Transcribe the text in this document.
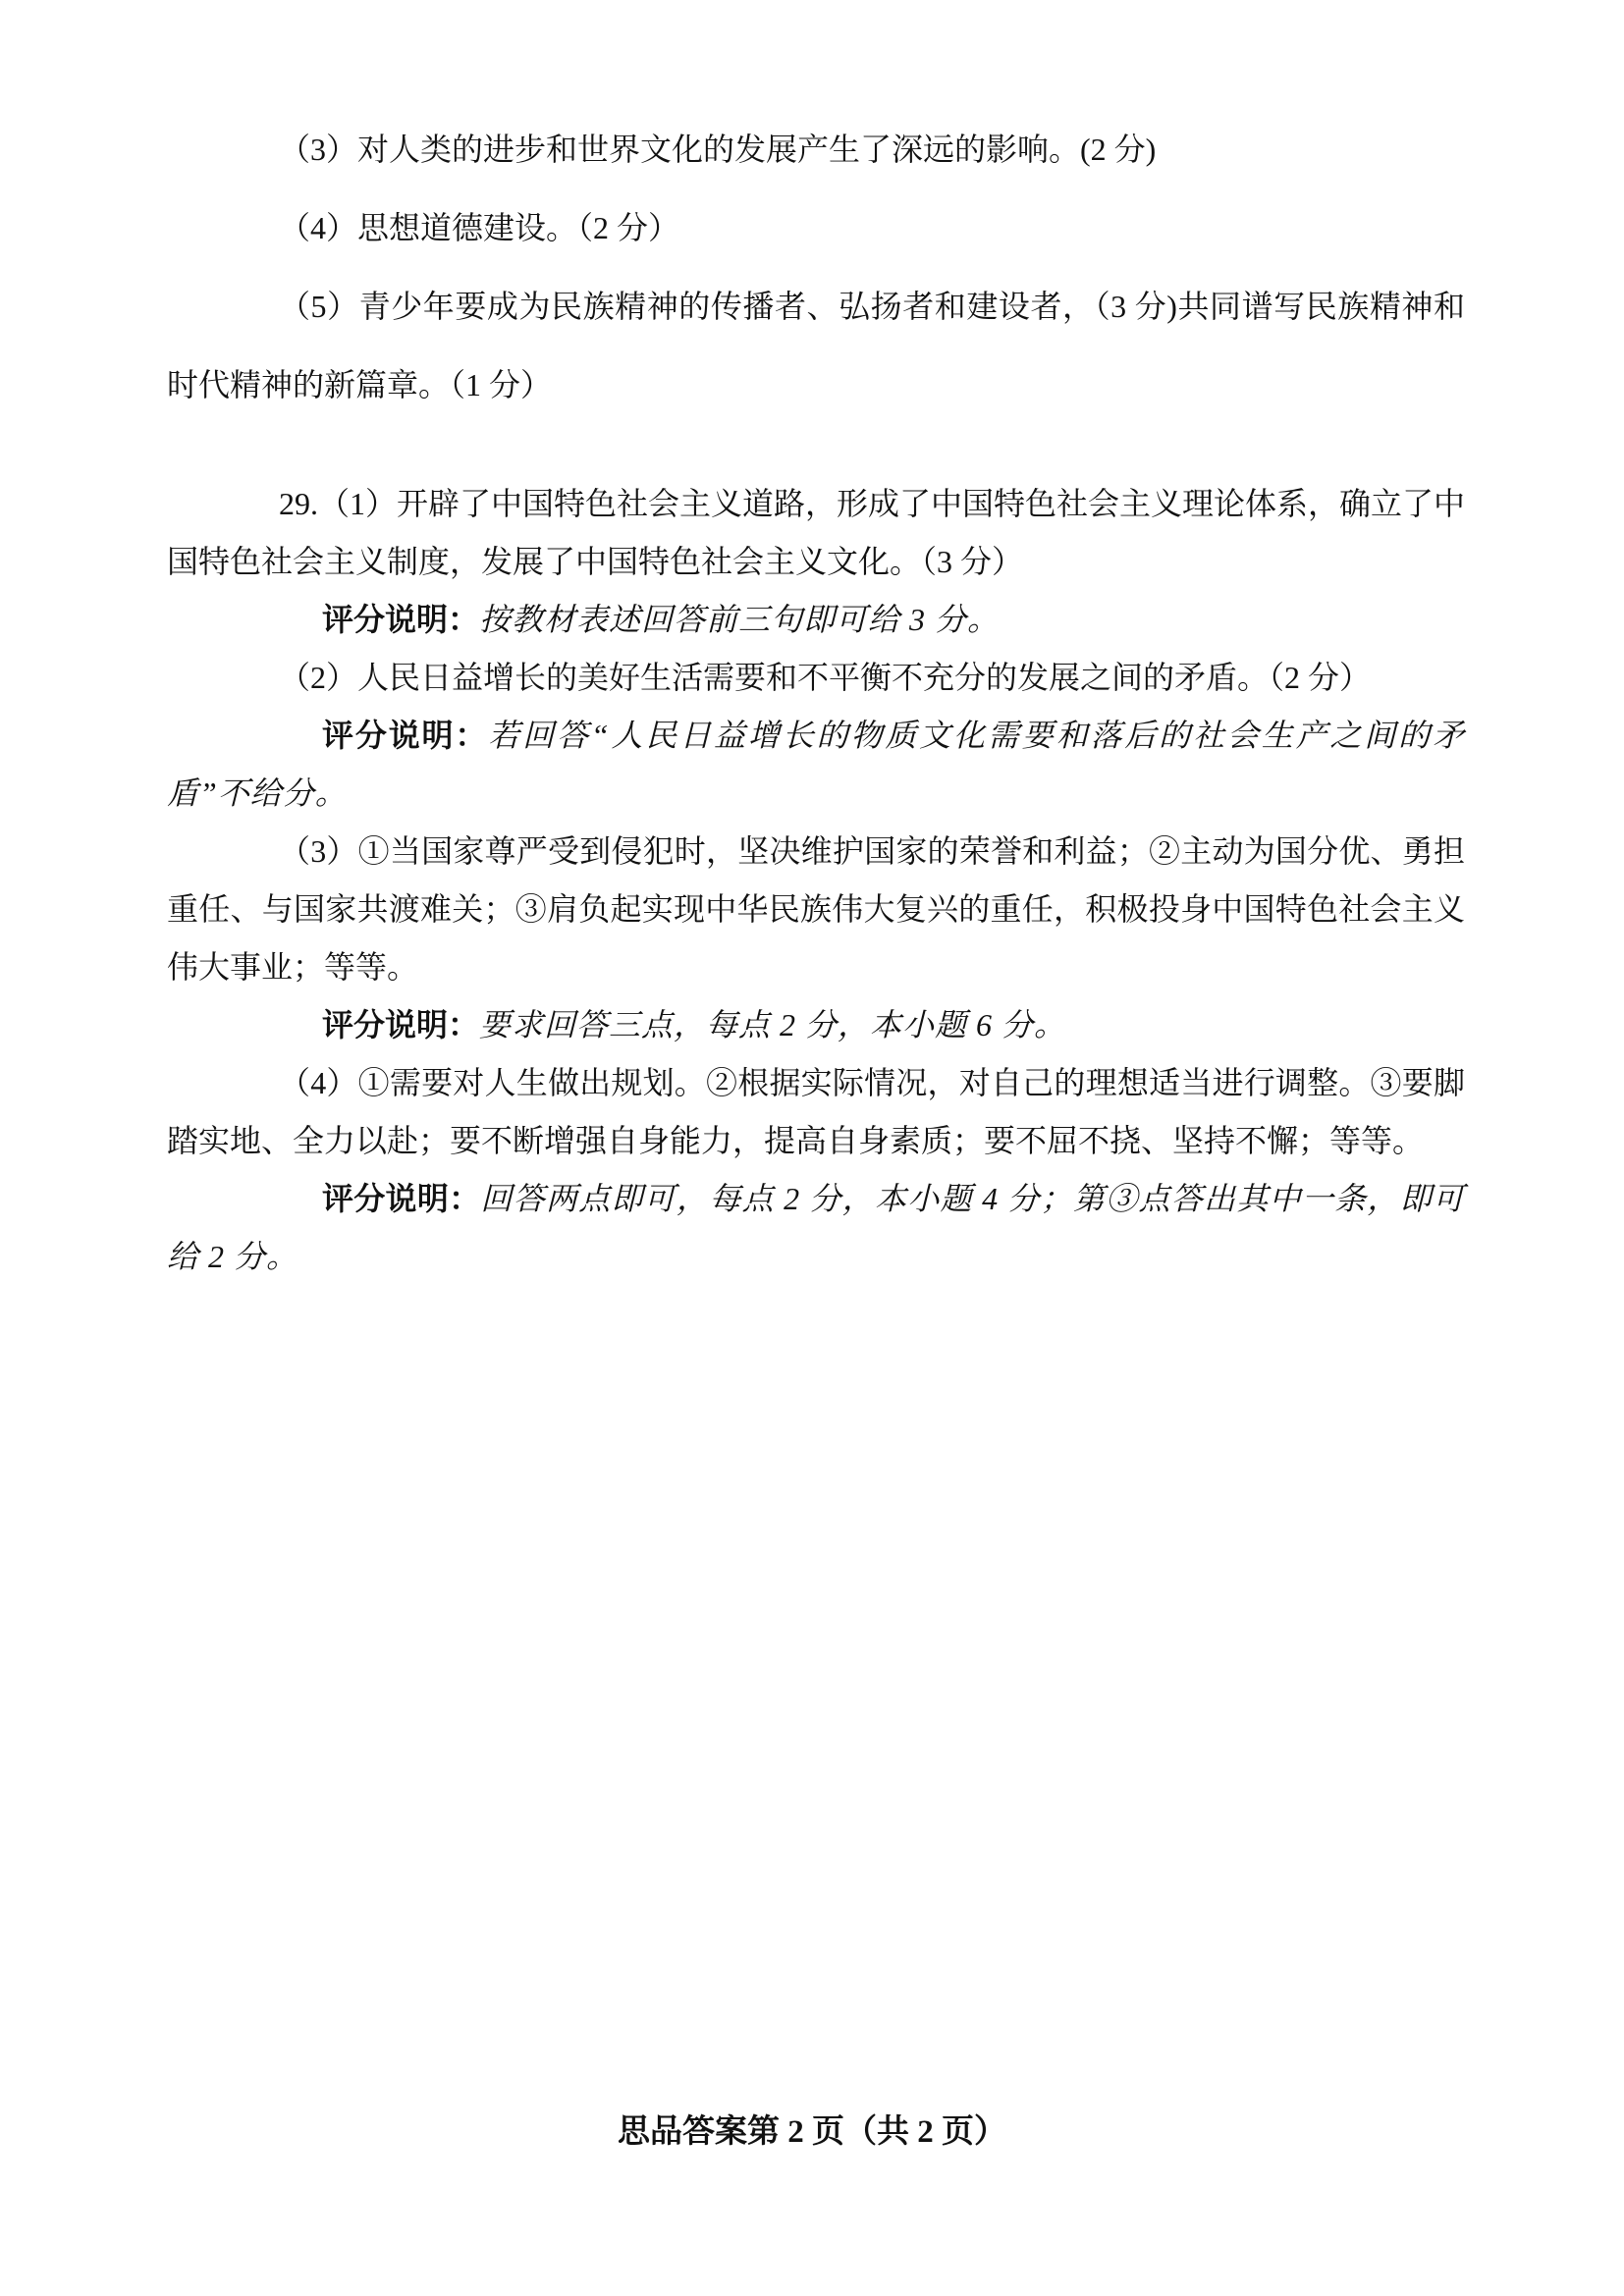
（3）对人类的进步和世界文化的发展产生了深远的影响。(2 分)

（4）思想道德建设。（2 分）

（5）青少年要成为民族精神的传播者、弘扬者和建设者，（3 分)共同谱写民族精神和时代精神的新篇章。（1 分）

29.（1）开辟了中国特色社会主义道路，形成了中国特色社会主义理论体系，确立了中国特色社会主义制度，发展了中国特色社会主义文化。（3 分）

评分说明：按教材表述回答前三句即可给 3 分。

（2）人民日益增长的美好生活需要和不平衡不充分的发展之间的矛盾。（2 分）

评分说明：若回答“人民日益增长的物质文化需要和落后的社会生产之间的矛盾”不给分。

（3）①当国家尊严受到侵犯时，坚决维护国家的荣誉和利益；②主动为国分优、勇担重任、与国家共渡难关；③肩负起实现中华民族伟大复兴的重任，积极投身中国特色社会主义伟大事业；等等。

评分说明：要求回答三点，每点 2 分，本小题 6 分。

（4）①需要对人生做出规划。②根据实际情况，对自己的理想适当进行调整。③要脚踏实地、全力以赴；要不断增强自身能力，提高自身素质；要不屈不挠、坚持不懈；等等。

评分说明：回答两点即可，每点 2 分，本小题 4 分；第③点答出其中一条，即可给 2 分。

思品答案第 2 页（共 2 页）
